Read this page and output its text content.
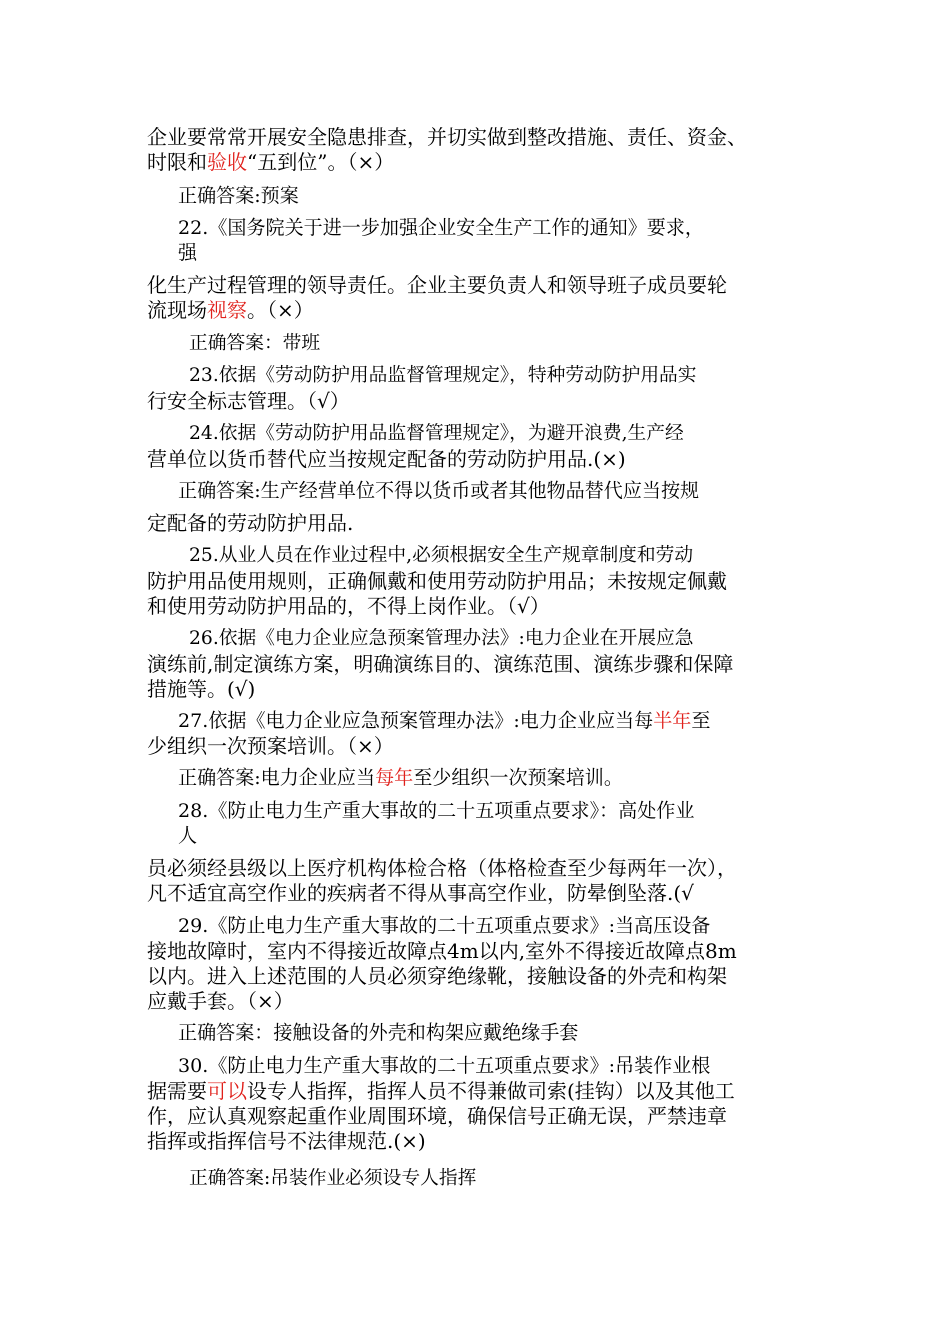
企业要常常开展安全隐患排查，并切实做到整改措施、责任、资金、
时限和验收“五到位”。（×）
正确答案:预案
22.《国务院关于进一步加强企业安全生产工作的通知》要求，
强
化生产过程管理的领导责任。企业主要负责人和领导班子成员要轮
流现场视察。（×）
正确答案：带班
23.依据《劳动防护用品监督管理规定》，特种劳动防护用品实
行安全标志管理。（√）
24.依据《劳动防护用品监督管理规定》，为避开浪费,生产经
营单位以货币替代应当按规定配备的劳动防护用品.(×)
正确答案:生产经营单位不得以货币或者其他物品替代应当按规
定配备的劳动防护用品.
25.从业人员在作业过程中,必须根据安全生产规章制度和劳动
防护用品使用规则，正确佩戴和使用劳动防护用品；未按规定佩戴
和使用劳动防护用品的，不得上岗作业。（√）
26.依据《电力企业应急预案管理办法》:电力企业在开展应急
演练前,制定演练方案，明确演练目的、演练范围、演练步骤和保障
措施等。(√)
27.依据《电力企业应急预案管理办法》:电力企业应当每半年至
少组织一次预案培训。（×）
正确答案:电力企业应当每年至少组织一次预案培训。
28.《防止电力生产重大事故的二十五项重点要求》：高处作业
人
员必须经县级以上医疗机构体检合格（体格检查至少每两年一次），
凡不适宜高空作业的疾病者不得从事高空作业，防晕倒坠落.(√
29.《防止电力生产重大事故的二十五项重点要求》:当高压设备
接地故障时，室内不得接近故障点4m以内,室外不得接近故障点8m
以内。进入上述范围的人员必须穿绝缘靴，接触设备的外壳和构架
应戴手套。（×）
正确答案：接触设备的外壳和构架应戴绝缘手套
30.《防止电力生产重大事故的二十五项重点要求》:吊装作业根
据需要可以设专人指挥，指挥人员不得兼做司索(挂钩）以及其他工
作，应认真观察起重作业周围环境，确保信号正确无误，严禁违章
指挥或指挥信号不法律规范.(×)
正确答案:吊装作业必须设专人指挥
